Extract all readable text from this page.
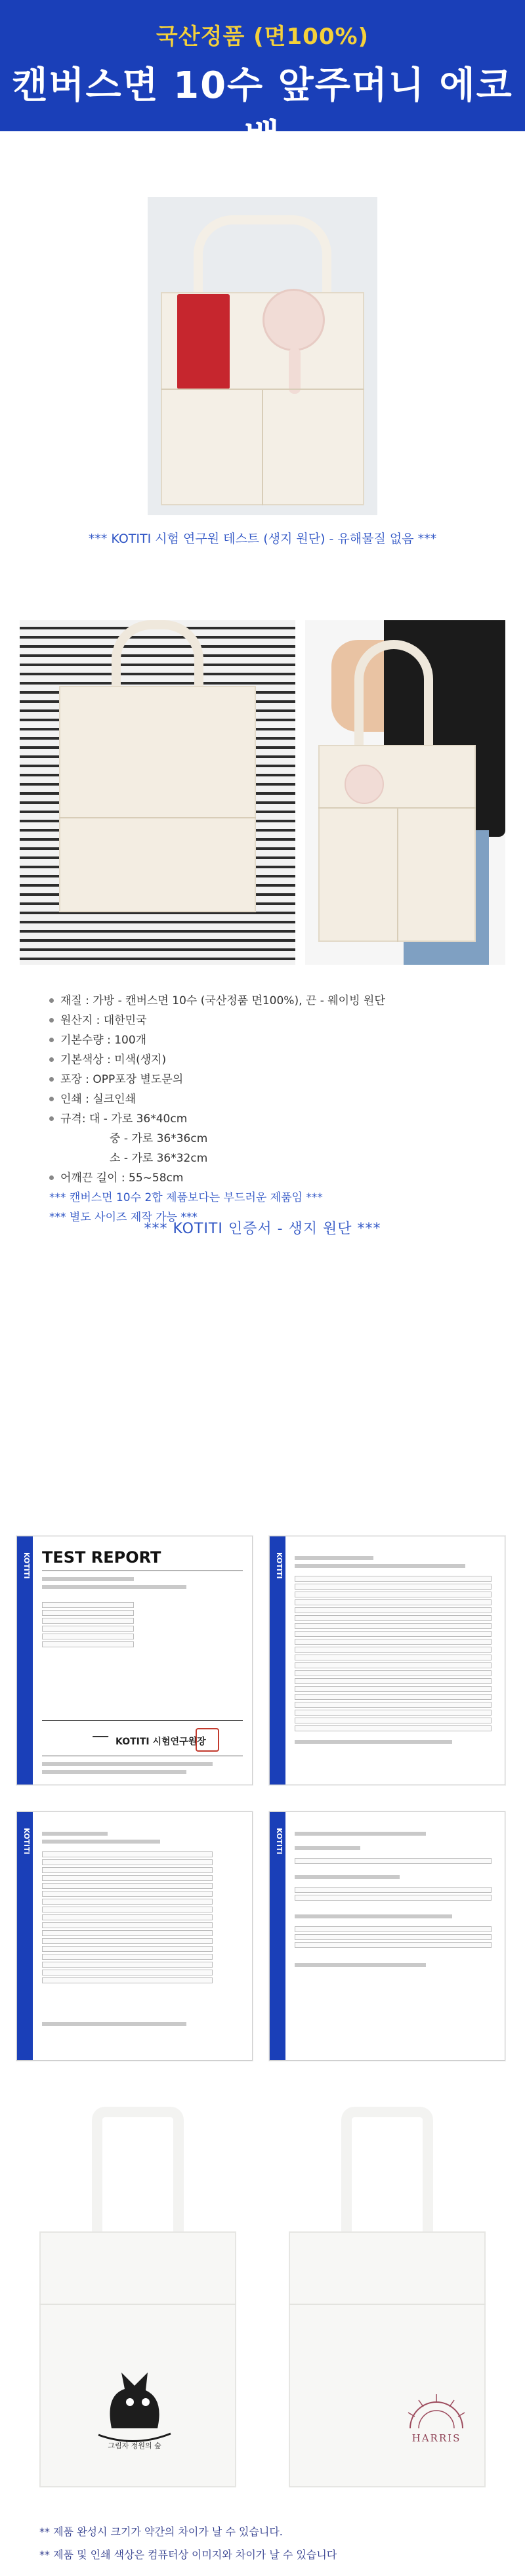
국산정품 (면100%)
캔버스면 10수 앞주머니 에코백
*** KOTITI 시험 연구원 테스트 (생지 원단) - 유해물질 없음 ***
재질 : 가방 - 캔버스면 10수 (국산정품 면100%), 끈 - 웨이빙 원단
원산지 : 대한민국
기본수량 : 100개
기본색상 : 미색(생지)
포장 : OPP포장 별도문의
인쇄 : 실크인쇄
규격: 대 - 가로 36*40cm
중 - 가로 36*36cm
소 - 가로 36*32cm
어깨끈 길이 : 55~58cm
*** 캔버스면 10수 2합 제품보다는 부드러운 제품임 ***
*** 별도 사이즈 제작 가능 ***
*** KOTITI 인증서 - 생지 원단 ***
KOTITI TEST REPORT
KOTITI 시험연구원장
KOTITI
KOTITI	KOTITI
그림자 정원의 숲
HARRIS
** 제품 완성시 크기가 약간의 차이가 날 수 있습니다.
** 제품 및 인쇄 색상은 컴퓨터상 이미지와 차이가 날 수 있습니다
